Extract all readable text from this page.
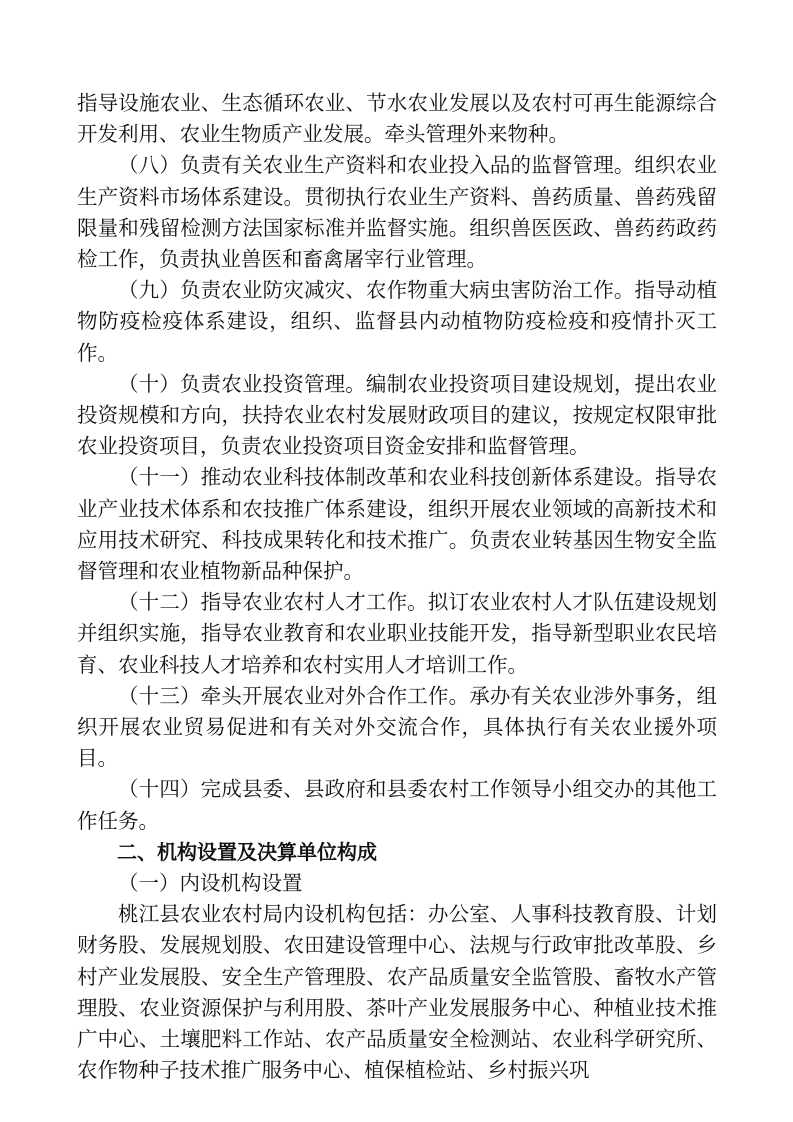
指导设施农业、生态循环农业、节水农业发展以及农村可再生能源综合开发利用、农业生物质产业发展。牵头管理外来物种。

（八）负责有关农业生产资料和农业投入品的监督管理。组织农业生产资料市场体系建设。贯彻执行农业生产资料、兽药质量、兽药残留限量和残留检测方法国家标准并监督实施。组织兽医医政、兽药药政药检工作，负责执业兽医和畜禽屠宰行业管理。

（九）负责农业防灾减灾、农作物重大病虫害防治工作。指导动植物防疫检疫体系建设，组织、监督县内动植物防疫检疫和疫情扑灭工作。

（十）负责农业投资管理。编制农业投资项目建设规划，提出农业投资规模和方向，扶持农业农村发展财政项目的建议，按规定权限审批农业投资项目，负责农业投资项目资金安排和监督管理。

（十一）推动农业科技体制改革和农业科技创新体系建设。指导农业产业技术体系和农技推广体系建设，组织开展农业领域的高新技术和应用技术研究、科技成果转化和技术推广。负责农业转基因生物安全监督管理和农业植物新品种保护。

（十二）指导农业农村人才工作。拟订农业农村人才队伍建设规划并组织实施，指导农业教育和农业职业技能开发，指导新型职业农民培育、农业科技人才培养和农村实用人才培训工作。

（十三）牵头开展农业对外合作工作。承办有关农业涉外事务，组织开展农业贸易促进和有关对外交流合作，具体执行有关农业援外项目。

（十四）完成县委、县政府和县委农村工作领导小组交办的其他工作任务。

二、机构设置及决算单位构成

（一）内设机构设置

桃江县农业农村局内设机构包括：办公室、人事科技教育股、计划财务股、发展规划股、农田建设管理中心、法规与行政审批改革股、乡村产业发展股、安全生产管理股、农产品质量安全监管股、畜牧水产管理股、农业资源保护与利用股、茶叶产业发展服务中心、种植业技术推广中心、土壤肥料工作站、农产品质量安全检测站、农业科学研究所、农作物种子技术推广服务中心、植保植检站、乡村振兴巩
